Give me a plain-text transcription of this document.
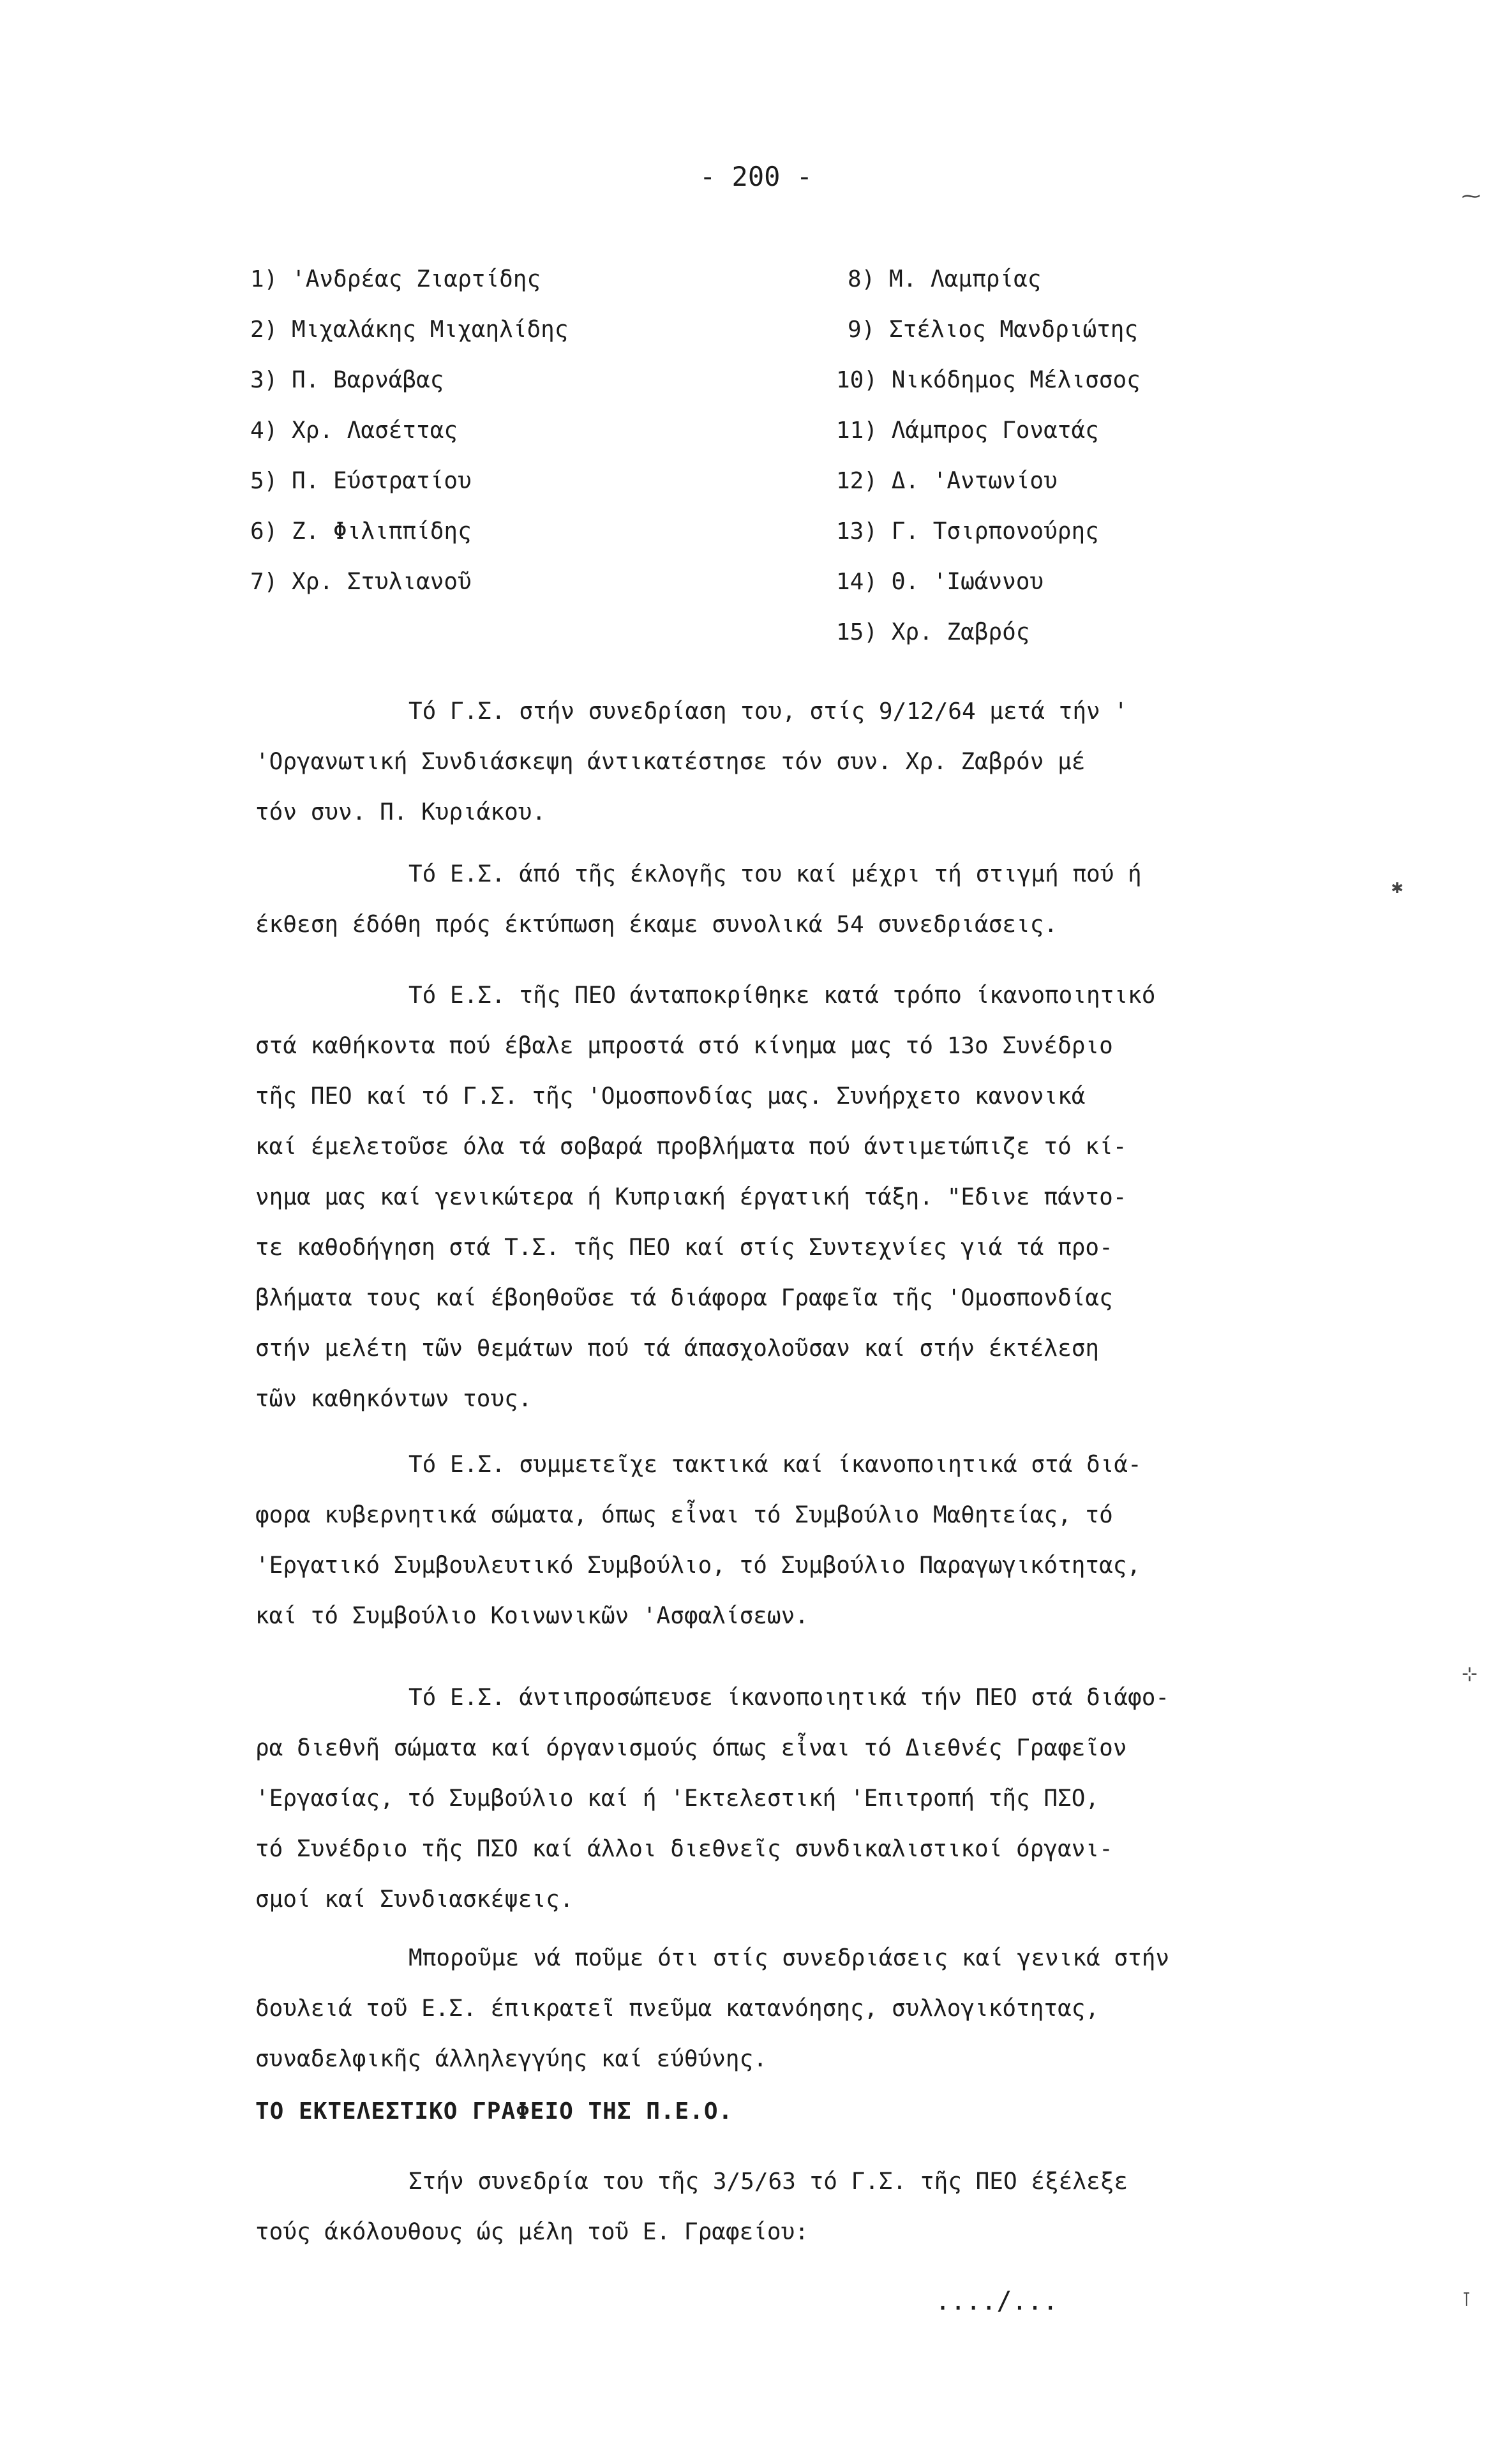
- 200 -
1) 'Ανδρέας Ζιαρτίδης
2) Μιχαλάκης Μιχαηλίδης
3) Π. Βαρνάβας
4) Χρ. Λασέττας
5) Π. Εύστρατίου
6) Ζ. Φιλιππίδης
7) Χρ. Στυλιανοῦ
8) Μ. Λαμπρίας
9) Στέλιος Μανδριώτης
10) Νικόδημος Μέλισσος
11) Λάμπρος Γονατάς
12) Δ. 'Αντωνίου
13) Γ. Τσιρπονούρης
14) Θ. 'Ιωάννου
15) Χρ. Ζαβρός
Τό Γ.Σ. στήν συνεδρίαση του, στίς 9/12/64 μετά τήν '
'Οργανωτική Συνδιάσκεψη άντικατέστησε τόν συν. Χρ. Ζαβρόν μέ
τόν συν. Π. Κυριάκου.
Τό Ε.Σ. άπό τῆς έκλογῆς του καί μέχρι τή στιγμή πού ή
έκθεση έδόθη πρός έκτύπωση έκαμε συνολικά 54 συνεδριάσεις.
Τό Ε.Σ. τῆς ΠΕΟ άνταποκρίθηκε κατά τρόπο ίκανοποιητικό
στά καθήκοντα πού έβαλε μπροστά στό κίνημα μας τό 13ο Συνέδριο
τῆς ΠΕΟ καί τό Γ.Σ. τῆς 'Ομοσπονδίας μας. Συνήρχετο κανονικά
καί έμελετοῦσε όλα τά σοβαρά προβλήματα πού άντιμετώπιζε τό κί-
νημα μας καί γενικώτερα ή Κυπριακή έργατική τάξη. "Εδινε πάντο-
τε καθοδήγηση στά Τ.Σ. τῆς ΠΕΟ καί στίς Συντεχνίες γιά τά προ-
βλήματα τους καί έβοηθοῦσε τά διάφορα Γραφεῖα τῆς 'Ομοσπονδίας
στήν μελέτη τῶν θεμάτων πού τά άπασχολοῦσαν καί στήν έκτέλεση
τῶν καθηκόντων τους.
Τό Ε.Σ. συμμετεῖχε τακτικά καί ίκανοποιητικά στά διά-
φορα κυβερνητικά σώματα, όπως εἶναι τό Συμβούλιο Μαθητείας, τό
'Εργατικό Συμβουλευτικό Συμβούλιο, τό Συμβούλιο Παραγωγικότητας,
καί τό Συμβούλιο Κοινωνικῶν 'Ασφαλίσεων.
Τό Ε.Σ. άντιπροσώπευσε ίκανοποιητικά τήν ΠΕΟ στά διάφο-
ρα διεθνῆ σώματα καί όργανισμούς όπως εἶναι τό Διεθνές Γραφεῖον
'Εργασίας, τό Συμβούλιο καί ή 'Εκτελεστική 'Επιτροπή τῆς ΠΣΟ,
τό Συνέδριο τῆς ΠΣΟ καί άλλοι διεθνεῖς συνδικαλιστικοί όργανι-
σμοί καί Συνδιασκέψεις.
Μποροῦμε νά ποῦμε ότι στίς συνεδριάσεις καί γενικά στήν
δουλειά τοῦ Ε.Σ. έπικρατεῖ πνεῦμα κατανόησης, συλλογικότητας,
συναδελφικῆς άλληλεγγύης καί εύθύνης.
ΤΟ ΕΚΤΕΛΕΣΤΙΚΟ ΓΡΑΦΕΙΟ ΤΗΣ Π.Ε.Ο.
Στήν συνεδρία του τῆς 3/5/63 τό Γ.Σ. τῆς ΠΕΟ έξέλεξε
τούς άκόλουθους ώς μέλη τοῦ Ε. Γραφείου:
..../...
✱
⊹
⊺
⁓
